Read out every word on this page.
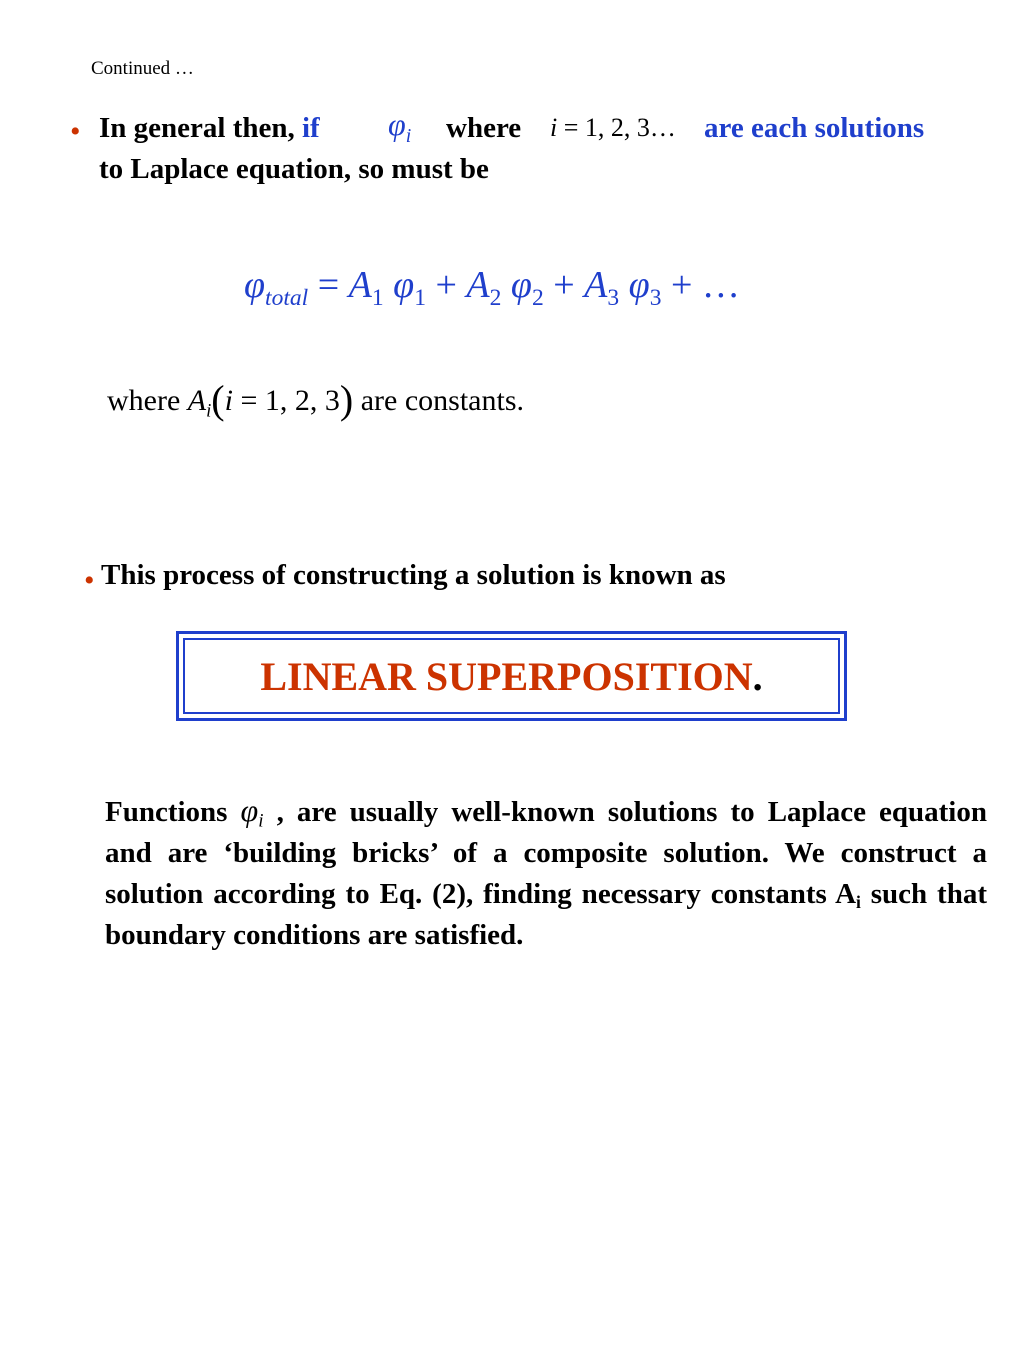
Continued …
• In general then, if $\varphi_i$ where i = 1, 2, 3… are each solutions
to Laplace equation, so must be
$\varphi_{total} = A_1$ $\varphi_1 + A_2$ $\varphi_2 + A_3$ $\varphi_3$ + …
where $A_i(i = 1$, 2, 3) are constants.
• This process of constructing a solution is known as
LINEAR SUPERPOSITION.
Functions φi , are usually well-known solutions to Laplace equation and are ‘building bricks’ of a composite solution. We construct a solution according to Eq. (2), finding necessary constants Ai such that boundary conditions are satisfied.
